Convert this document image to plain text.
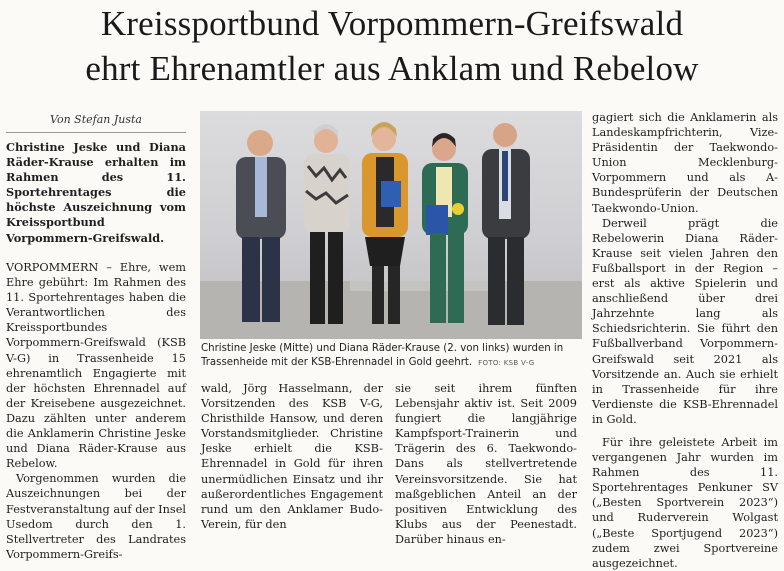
Kreissportbund Vorpommern-Greifswald
ehrt Ehrenamtler aus Anklam und Rebelow
Von Stefan Justa
Christine Jeske und Diana Räder-Krause erhalten im Rahmen des 11. Sportehrentages die höchste Auszeichnung vom Kreissportbund Vorpommern-Greifswald.

VORPOMMERN – Ehre, wem Ehre gebührt: Im Rahmen des 11. Sportehrentages haben die Verantwortlichen des Kreissportbundes Vorpommern-Greifswald (KSB V-G) in Trassenheide 15 ehrenamtlich Engagierte mit der höchsten Ehrennadel auf der Kreisebene ausgezeichnet. Dazu zählten unter anderem die Anklamerin Christine Jeske und Diana Räder-Krause aus Rebelow.

Vorgenommen wurden die Auszeichnungen bei der Festveranstaltung auf der Insel Usedom durch den 1. Stellvertreter des Landrates Vorpommern-Greifs-

wald, Jörg Hasselmann, der Vorsitzenden des KSB V-G, Christhilde Hansow, und deren Vorstandsmitglieder. Christine Jeske erhielt die KSB-Ehrennadel in Gold für ihren unermüdlichen Einsatz und ihr außerordentliches Engagement rund um den Anklamer Budo-Verein, für den

sie seit ihrem fünften Lebensjahr aktiv ist. Seit 2009 fungiert die langjährige Kampfsport-Trainerin und Trägerin des 6. Taekwondo-Dans als stellvertretende Vereinsvorsitzende. Sie hat maßgeblichen Anteil an der positiven Entwicklung des Klubs aus der Peenestadt. Darüber hinaus en-

gagiert sich die Anklamerin als Landeskampfrichterin, Vize-Präsidentin der Taekwondo-Union Mecklenburg-Vorpommern und als A-Bundesprüferin der Deutschen Taekwondo-Union.

Derweil prägt die Rebelowerin Diana Räder-Krause seit vielen Jahren den Fußballsport in der Region – erst als aktive Spielerin und anschließend über drei Jahrzehnte lang als Schiedsrichterin. Sie führt den Fußballverband Vorpommern-Greifswald seit 2021 als Vorsitzende an. Auch sie erhielt in Trassenheide für ihre Verdienste die KSB-Ehrennadel in Gold.

Für ihre geleistete Arbeit im vergangenen Jahr wurden im Rahmen des 11. Sportehrentages Penkuner SV („Besten Sportverein 2023“) und Ruderverein Wolgast („Beste Sportjugend 2023“) zudem zwei Sportvereine ausgezeichnet.

Christine Jeske (Mitte) und Diana Räder-Krause (2. von links) wurden in Trassenheide mit der KSB-Ehrennadel in Gold geehrt. FOTO: KSB V-G
